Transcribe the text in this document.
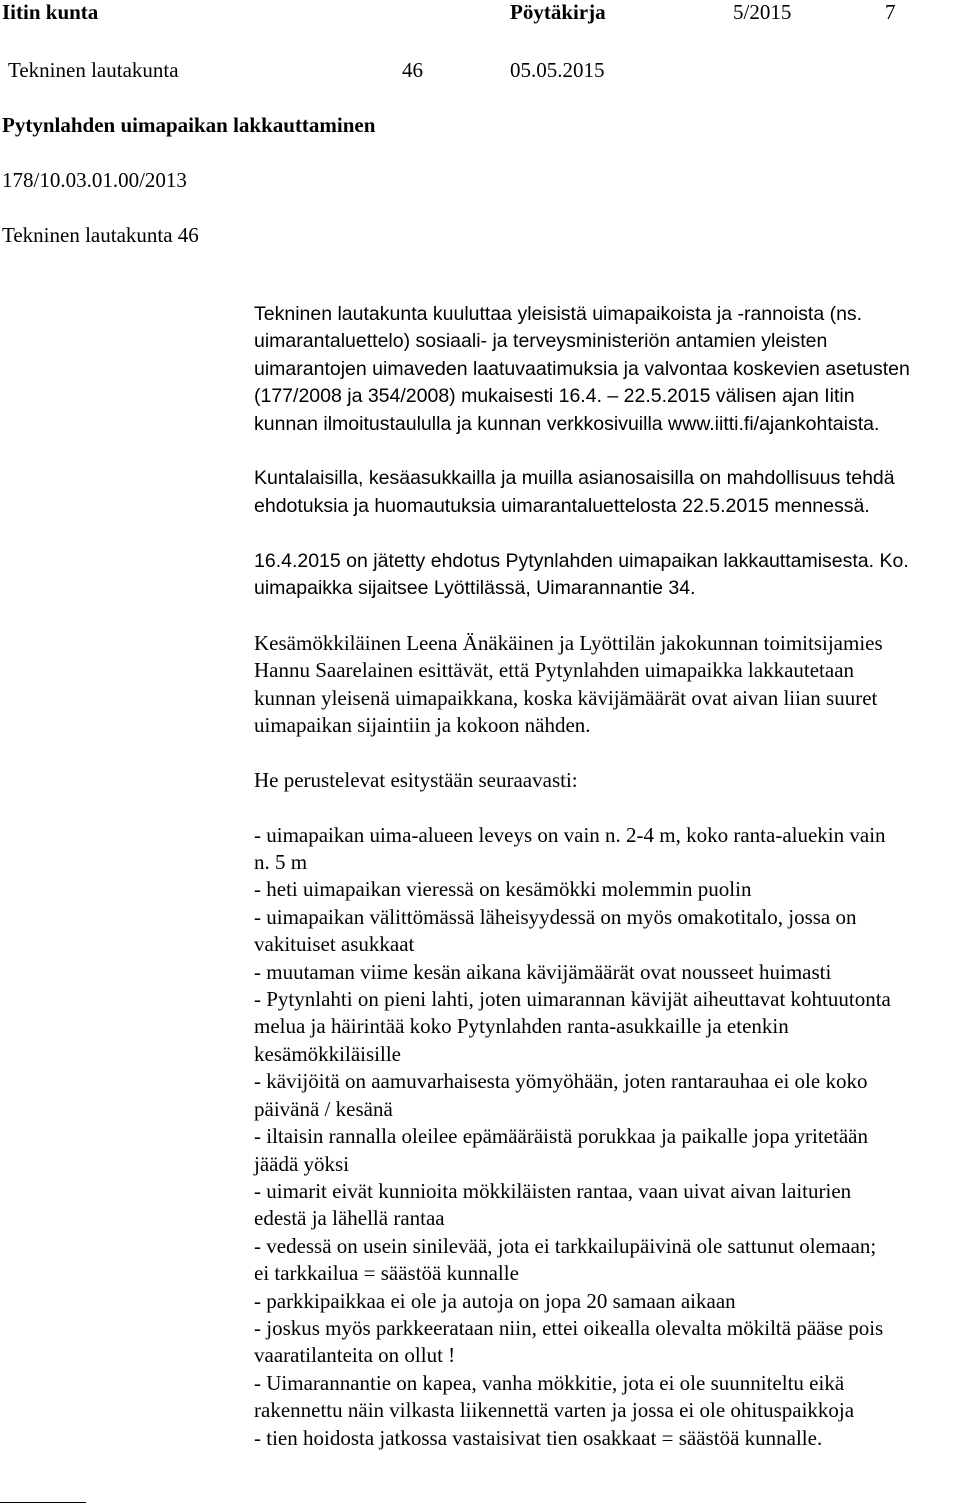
Iitin kunta	Pöytäkirja	5/2015	7
Tekninen lautakunta	46	05.05.2015
Pytynlahden uimapaikan lakkauttaminen
178/10.03.01.00/2013
Tekninen lautakunta 46
Tekninen lautakunta kuuluttaa yleisistä uimapaikoista ja -rannoista (ns.
uimarantaluettelo) sosiaali- ja terveysministeriön antamien yleisten
uimarantojen uimaveden laatuvaatimuksia ja valvontaa koskevien asetusten
(177/2008 ja 354/2008) mukaisesti 16.4. – 22.5.2015 välisen ajan Iitin
kunnan ilmoitustaululla ja kunnan verkkosivuilla www.iitti.fi/ajankohtaista.
Kuntalaisilla, kesäasukkailla ja muilla asianosaisilla on mahdollisuus tehdä
ehdotuksia ja huomautuksia uimarantaluettelosta 22.5.2015 mennessä.
16.4.2015 on jätetty ehdotus Pytynlahden uimapaikan lakkauttamisesta. Ko.
uimapaikka sijaitsee Lyöttilässä, Uimarannantie 34.
Kesämökkiläinen Leena Änäkäinen ja Lyöttilän jakokunnan toimitsijamies
Hannu Saarelainen esittävät, että Pytynlahden uimapaikka lakkautetaan
kunnan yleisenä uimapaikkana, koska kävijämäärät ovat aivan liian suuret
uimapaikan sijaintiin ja kokoon nähden.
He perustelevat esitystään seuraavasti:
- uimapaikan uima-alueen leveys on vain n. 2-4 m, koko ranta-aluekin vain
n. 5 m
- heti uimapaikan vieressä on kesämökki molemmin puolin
- uimapaikan välittömässä läheisyydessä on myös omakotitalo, jossa on
vakituiset asukkaat
- muutaman viime kesän aikana kävijämäärät ovat nousseet huimasti
- Pytynlahti on pieni lahti, joten uimarannan kävijät aiheuttavat kohtuutonta
melua ja häirintää koko Pytynlahden ranta-asukkaille ja etenkin
kesämökkiläisille
- kävijöitä on aamuvarhaisesta yömyöhään, joten rantarauhaa ei ole koko
päivänä / kesänä
- iltaisin rannalla oleilee epämääräistä porukkaa ja paikalle jopa yritetään
jäädä yöksi
- uimarit eivät kunnioita mökkiläisten rantaa, vaan uivat aivan laiturien
edestä ja lähellä rantaa
- vedessä on usein sinilevää, jota ei tarkkailupäivinä ole sattunut olemaan;
ei tarkkailua = säästöä kunnalle
- parkkipaikkaa ei ole ja autoja on jopa 20 samaan aikaan
- joskus myös parkkeerataan niin, ettei oikealla olevalta mökiltä pääse pois
vaaratilanteita on ollut !
- Uimarannantie on kapea, vanha mökkitie, jota ei ole suunniteltu eikä
rakennettu näin vilkasta liikennettä varten ja jossa ei ole ohituspaikkoja
- tien hoidosta jatkossa vastaisivat tien osakkaat = säästöä kunnalle.
